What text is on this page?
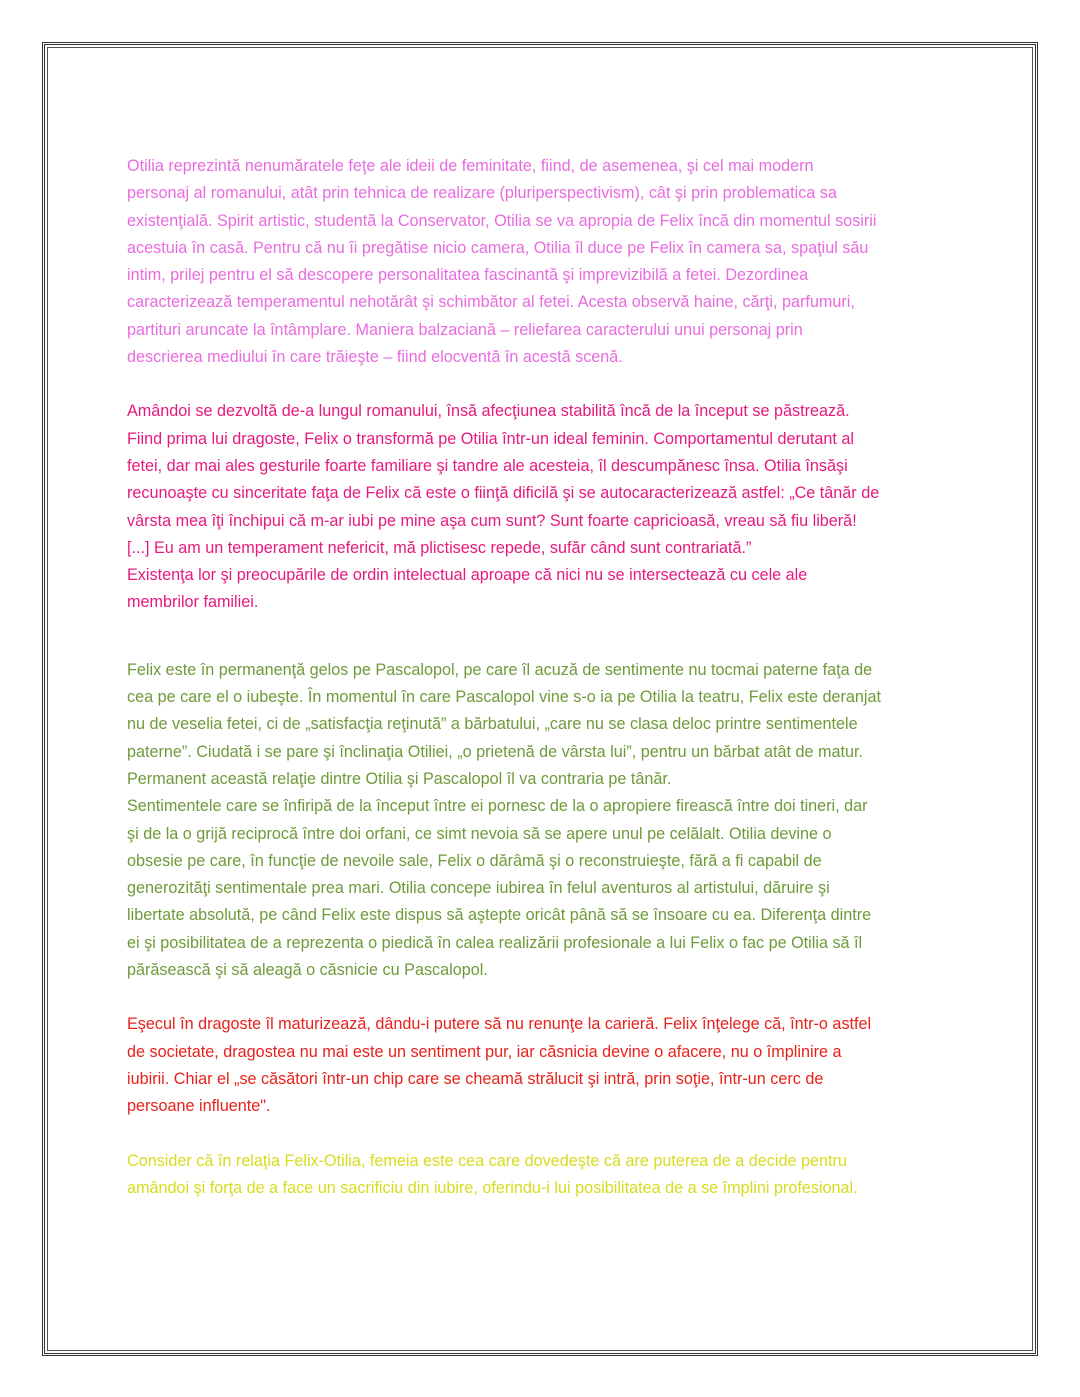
Otilia reprezintă nenumăratele feţe ale ideii de feminitate, fiind, de asemenea, şi cel mai modern
personaj al romanului, atât prin tehnica de realizare (pluriperspectivism), cât şi prin problematica sa
existenţială. Spirit artistic, studentă la Conservator, Otilia se va apropia de Felix încă din momentul sosirii
acestuia în casă. Pentru că nu îi pregătise nicio camera, Otilia îl duce pe Felix în camera sa, spaţiul său
intim, prilej pentru el să descopere personalitatea fascinantă şi imprevizibilă a fetei. Dezordinea
caracterizează temperamentul nehotărât şi schimbător al fetei. Acesta observă haine, cărţi, parfumuri,
partituri aruncate la întâmplare. Maniera balzaciană – reliefarea caracterului unui personaj prin
descrierea mediului în care trăieşte – fiind elocventă în acestă scenă.

Amândoi se dezvoltă de-a lungul romanului, însă afecţiunea stabilită încă de la început se păstrează.
Fiind prima lui dragoste, Felix o transformă pe Otilia într-un ideal feminin. Comportamentul derutant al
fetei, dar mai ales gesturile foarte familiare şi tandre ale acesteia, îl descumpănesc însa. Otilia însăşi
recunoaşte cu sinceritate faţa de Felix că este o fiinţă dificilă şi se autocaracterizează astfel: „Ce tânăr de
vârsta mea îţi închipui că m-ar iubi pe mine aşa cum sunt? Sunt foarte capricioasă, vreau să fiu liberă!
[...] Eu am un temperament nefericit, mă plictisesc repede, sufăr când sunt contrariată.”
Existenţa lor şi preocupările de ordin intelectual aproape că nici nu se intersectează cu cele ale
membrilor familiei.

Felix este în permanenţă gelos pe Pascalopol, pe care îl acuză de sentimente nu tocmai paterne faţa de
cea pe care el o iubeşte. În momentul în care Pascalopol vine s-o ia pe Otilia la teatru, Felix este deranjat
nu de veselia fetei, ci de „satisfacţia reţinută” a bărbatului, „care nu se clasa deloc printre sentimentele
paterne”. Ciudată i se pare şi înclinaţia Otiliei, „o prietenă de vârsta lui”, pentru un bărbat atât de matur.
Permanent această relaţie dintre Otilia şi Pascalopol îl va contraria pe tânăr.
Sentimentele care se înfiripă de la început între ei pornesc de la o apropiere firească între doi tineri, dar
şi de la o grijă reciprocă între doi orfani, ce simt nevoia să se apere unul pe celălalt. Otilia devine o
obsesie pe care, în funcţie de nevoile sale, Felix o dărâmă şi o reconstruieşte, fără a fi capabil de
generozităţi sentimentale prea mari. Otilia concepe iubirea în felul aventuros al artistului, dăruire şi
libertate absolută, pe când Felix este dispus să aştepte oricât până să se însoare cu ea. Diferenţa dintre
ei şi posibilitatea de a reprezenta o piedică în calea realizării profesionale a lui Felix o fac pe Otilia să îl
părăsească şi să aleagă o căsnicie cu Pascalopol.

Eşecul în dragoste îl maturizează, dându-i putere să nu renunţe la carieră. Felix înţelege că, într-o astfel
de societate, dragostea nu mai este un sentiment pur, iar căsnicia devine o afacere, nu o împlinire a
iubirii. Chiar el „se căsători într-un chip care se cheamă strălucit şi intră, prin soţie, într-un cerc de
persoane influente".

Consider că în relaţia Felix-Otilia, femeia este cea care dovedeşte că are puterea de a decide pentru
amândoi şi forţa de a face un sacrificiu din iubire, oferindu-i lui posibilitatea de a se împlini profesional.
